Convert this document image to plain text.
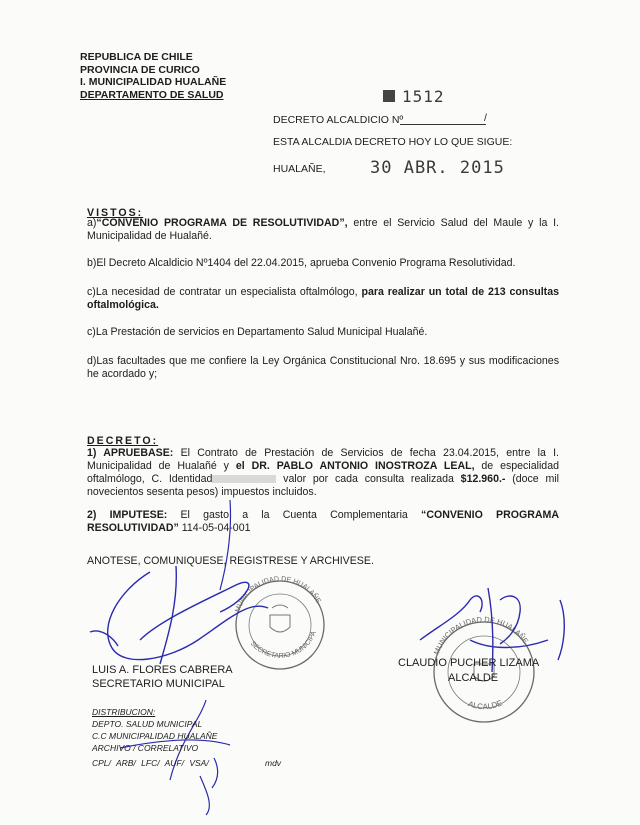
REPUBLICA DE CHILE
PROVINCIA DE CURICO
I. MUNICIPALIDAD HUALAÑE
DEPARTAMENTO DE SALUD
DECRETO ALCALDICIO Nº	/
1512
ESTA ALCALDIA DECRETO HOY LO QUE SIGUE:
HUALAÑE,	30 ABR. 2015
VISTOS:
a)“CONVENIO PROGRAMA DE RESOLUTIVIDAD”, entre el Servicio Salud del Maule y la I. Municipalidad de Hualañé.
b)El Decreto Alcaldicio Nº1404 del 22.04.2015, aprueba Convenio Programa Resolutividad.
c)La necesidad de contratar un especialista oftalmólogo, para realizar un total de 213 consultas oftalmológica.
c)La Prestación de servicios en Departamento Salud Municipal Hualañé.
d)Las facultades que me confiere la Ley Orgánica Constitucional Nro. 18.695 y sus modificaciones he acordado y;
DECRETO:
1) APRUEBASE: El Contrato de Prestación de Servicios de fecha 23.04.2015, entre la I. Municipalidad de Hualañé y el DR. PABLO ANTONIO INOSTROZA LEAL, de especialidad oftalmólogo, C. Identidad	valor por cada consulta realizada $12.960.- (doce mil novecientos sesenta pesos) impuestos incluidos.
2) IMPUTESE: El gasto a la Cuenta Complementaria “CONVENIO PROGRAMA RESOLUTIVIDAD” 114-05-04-001
ANOTESE, COMUNIQUESE, REGISTRESE Y ARCHIVESE.
MUNICIPALIDAD DE HUALAÑE
SECRETARIO MUNICIPA
MUNICIPALIDAD DE HUALAÑE
ALCALDE
LUIS A. FLORES CABRERA
SECRETARIO MUNICIPAL
CLAUDIO PUCHER LIZAMA
ALCALDE
DISTRIBUCION:
DEPTO. SALUD MUNICIPAL
C.C MUNICIPALIDAD HUALAÑE
ARCHIVO / CORRELATIVO
CPL/ ARB/ LFC/ AUF/ VSA/	mdv
